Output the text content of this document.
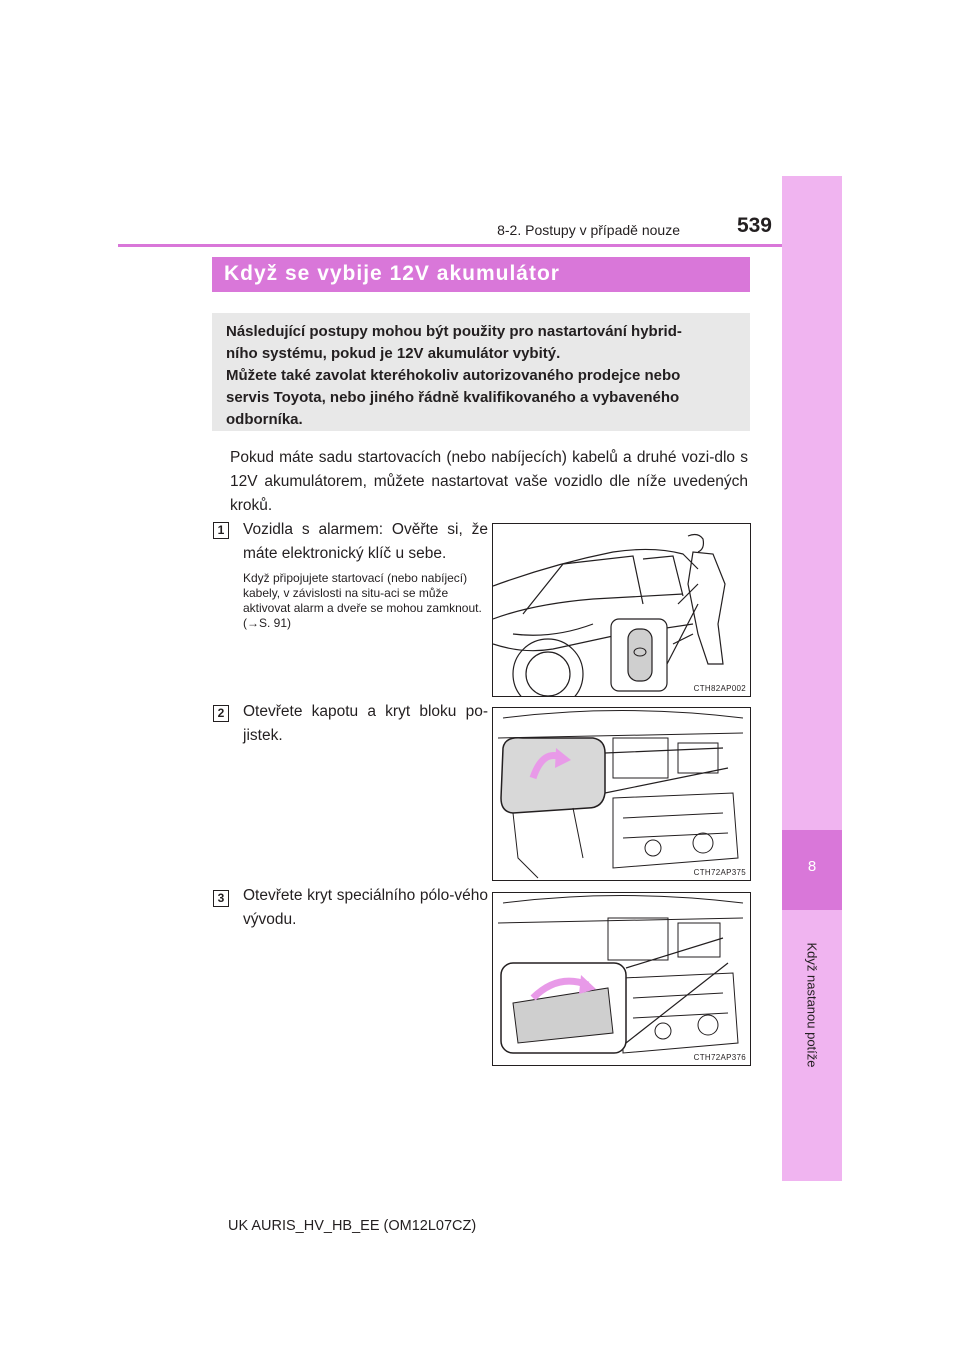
8
Když nastanou potíže
8-2. Postupy v případě nouze	539
Když se vybije 12V akumulátor

Následující postupy mohou být použity pro nastartování hybrid-

ního systému, pokud je 12V akumulátor vybitý.

Můžete také zavolat kteréhokoliv autorizovaného prodejce nebo

servis Toyota, nebo jiného řádně kvalifikovaného a vybaveného

odborníka.

Pokud máte sadu startovacích (nebo nabíjecích) kabelů a druhé vozi-dlo s 12V akumulátorem, můžete nastartovat vaše vozidlo dle níže uvedených kroků.
1	Vozidla s alarmem: Ověřte si, že máte elektronický klíč u sebe.
Když připojujete startovací (nebo nabíjecí) kabely, v závislosti na situ-aci se může aktivovat alarm a dveře se mohou zamknout. (→S. 91)
CTH82AP002
2	Otevřete kapotu a kryt bloku po-jistek.
CTH72AP375
3	Otevřete kryt speciálního pólo-vého vývodu.
CTH72AP376
UK AURIS_HV_HB_EE (OM12L07CZ)
